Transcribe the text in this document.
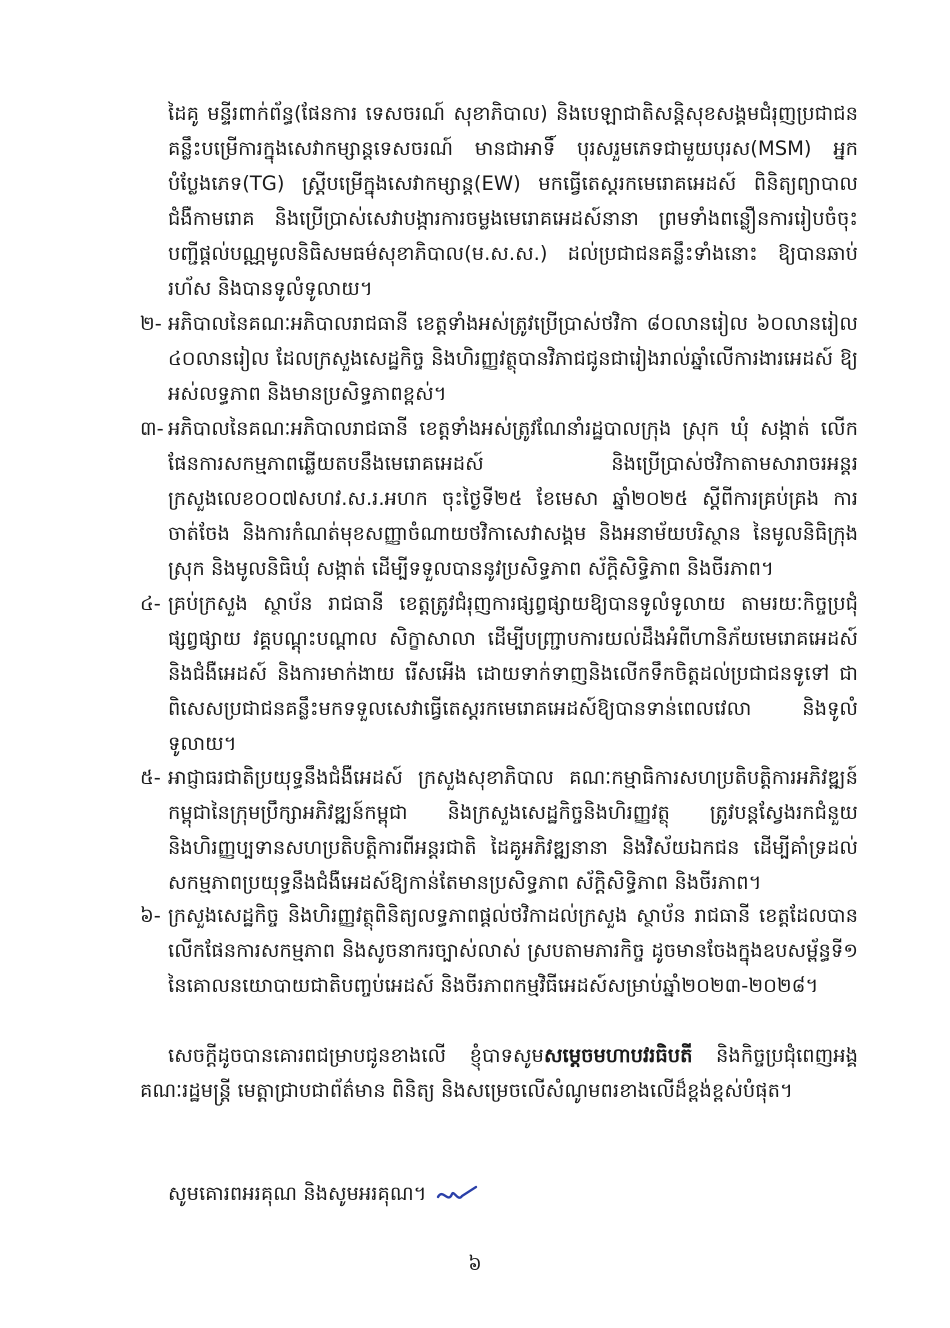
ដៃគូ មន្ទីរពាក់ព័ន្ធ(ផែនការ ទេសចរណ៍ សុខាភិបាល) និងបេឡាជាតិសន្តិសុខសង្គមជំរុញប្រជាជនគន្លឹះបម្រើការក្នុងសេវាកម្សាន្តទេសចរណ៍ មានជាអាទិ៍ បុរសរួមភេទជាមួយបុរស(MSM) អ្នកបំប្លែងភេទ(TG) ស្ត្រីបម្រើក្នុងសេវាកម្សាន្ត(EW) មកធ្វើតេស្តរកមេរោគអេដស៍ ពិនិត្យព្យាបាលជំងឺកាមរោគ និងប្រើប្រាស់សេវាបង្ការការចម្លងមេរោគអេដស៍នានា ព្រមទាំងពន្លឿនការរៀបចំចុះបញ្ជីផ្តល់បណ្ណមូលនិធិសមធម៌សុខាភិបាល(ម.ស.ស.) ដល់ប្រជាជនគន្លឹះទាំងនោះ ឱ្យបានឆាប់រហ័ស និងបានទូលំទូលាយ។

២- អភិបាលនៃគណៈអភិបាលរាជធានី ខេត្តទាំងអស់ត្រូវប្រើប្រាស់ថវិកា ៨០លានរៀល ៦០លានរៀល ៤០លានរៀល ដែលក្រសួងសេដ្ឋកិច្ច និងហិរញ្ញវត្ថុបានវិភាជជូនជារៀងរាល់ឆ្នាំលើការងារអេដស៍ ឱ្យអស់លទ្ធភាព និងមានប្រសិទ្ធភាពខ្ពស់។
៣- អភិបាលនៃគណៈអភិបាលរាជធានី ខេត្តទាំងអស់ត្រូវណែនាំរដ្ឋបាលក្រុង ស្រុក ឃុំ សង្កាត់ លើកផែនការសកម្មភាពឆ្លើយតបនឹងមេរោគអេដស៍ និងប្រើប្រាស់ថវិកាតាមសារាចរអន្តរក្រសួងលេខ០០៧សហវ.ស.រ.អហក ចុះថ្ងៃទី២៥ ខែមេសា ឆ្នាំ២០២៥ ស្តីពីការគ្រប់គ្រង ការចាត់ចែង និងការកំណត់មុខសញ្ញាចំណាយថវិកាសេវាសង្គម និងអនាម័យបរិស្ថាន នៃមូលនិធិក្រុង ស្រុក និងមូលនិធិឃុំ សង្កាត់ ដើម្បីទទួលបាននូវប្រសិទ្ធភាព ស័ក្តិសិទ្ធិភាព និងចីរភាព។
៤- គ្រប់ក្រសួង ស្ថាប័ន រាជធានី ខេត្តត្រូវជំរុញការផ្សព្វផ្សាយឱ្យបានទូលំទូលាយ តាមរយៈកិច្ចប្រជុំផ្សព្វផ្សាយ វគ្គបណ្តុះបណ្តាល សិក្ខាសាលា ដើម្បីបញ្ជ្រាបការយល់ដឹងអំពីហានិភ័យមេរោគអេដស៍ និងជំងឺអេដស៍ និងការមាក់ងាយ រើសអើង ដោយទាក់ទាញនិងលើកទឹកចិត្តដល់ប្រជាជនទូទៅ ជាពិសេសប្រជាជនគន្លឹះមកទទួលសេវាធ្វើតេស្តរកមេរោគអេដស៍ឱ្យបានទាន់ពេលវេលា និងទូលំទូលាយ។
៥- អាជ្ញាធរជាតិប្រយុទ្ធនឹងជំងឺអេដស៍ ក្រសួងសុខាភិបាល គណៈកម្មាធិការសហប្រតិបត្តិការអភិវឌ្ឍន៍កម្ពុជានៃក្រុមប្រឹក្សាអភិវឌ្ឍន៍កម្ពុជា និងក្រសួងសេដ្ឋកិច្ចនិងហិរញ្ញវត្ថុ ត្រូវបន្តស្វែងរកជំនួយនិងហិរញ្ញប្បទានសហប្រតិបត្តិការពីអន្តរជាតិ ដៃគូអភិវឌ្ឍនានា និងវិស័យឯកជន ដើម្បីគាំទ្រដល់សកម្មភាពប្រយុទ្ធនឹងជំងឺអេដស៍ឱ្យកាន់តែមានប្រសិទ្ធភាព ស័ក្តិសិទ្ធិភាព និងចីរភាព។
៦- ក្រសួងសេដ្ឋកិច្ច និងហិរញ្ញវត្ថុពិនិត្យលទ្ធភាពផ្តល់ថវិកាដល់ក្រសួង ស្ថាប័ន រាជធានី ខេត្តដែលបានលើកផែនការសកម្មភាព និងសូចនាករច្បាស់លាស់ ស្របតាមភារកិច្ច ដូចមានចែងក្នុងឧបសម្ព័ន្ធទី១ នៃគោលនយោបាយជាតិបញ្ចប់អេដស៍ និងចីរភាពកម្មវិធីអេដស៍សម្រាប់ឆ្នាំ២០២៣-២០២៨។

សេចក្តីដូចបានគោរពជម្រាបជូនខាងលើ ខ្ញុំបាទសូមសម្តេចមហាបវរធិបតី និងកិច្ចប្រជុំពេញអង្គគណៈរដ្ឋមន្ត្រី មេត្តាជ្រាបជាព័ត៌មាន ពិនិត្យ និងសម្រេចលើសំណូមពរខាងលើដ៏ខ្ពង់ខ្ពស់បំផុត។

សូមគោរពអរគុណ និងសូមអរគុណ។

៦
